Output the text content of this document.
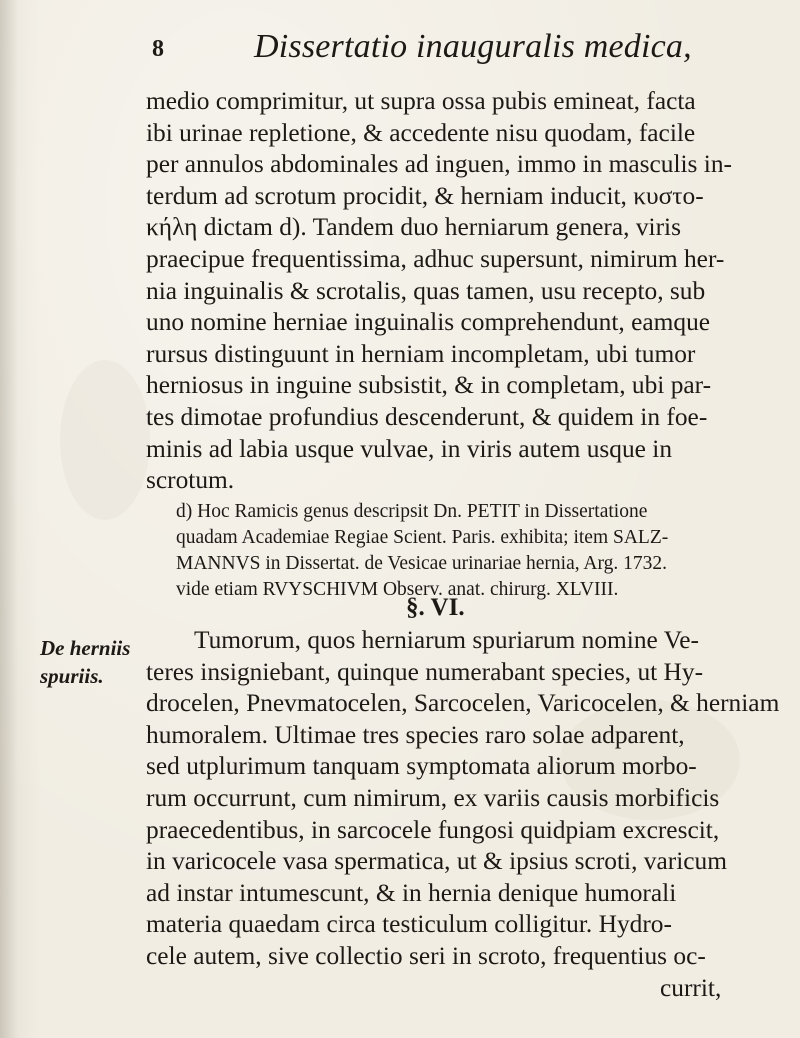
8	Dissertatio inauguralis medica,
medio comprimitur, ut supra ossa pubis emineat, facta
ibi urinae repletione, & accedente nisu quodam, facile
per annulos abdominales ad inguen, immo in masculis in-
terdum ad scrotum procidit, & herniam inducit, κυστο-
κήλη dictam d). Tandem duo herniarum genera, viris
praecipue frequentissima, adhuc supersunt, nimirum her-
nia inguinalis & scrotalis, quas tamen, usu recepto, sub
uno nomine herniae inguinalis comprehendunt, eamque
rursus distinguunt in herniam incompletam, ubi tumor
herniosus in inguine subsistit, & in completam, ubi par-
tes dimotae profundius descenderunt, & quidem in foe-
minis ad labia usque vulvae, in viris autem usque in
scrotum.
d) Hoc Ramicis genus descripsit Dn. PETIT in Dissertatione
quadam Academiae Regiae Scient. Paris. exhibita; item SALZ-
MANNVS in Dissertat. de Vesicae urinariae hernia, Arg. 1732.
vide etiam RVYSCHIVM Observ. anat. chirurg. XLVIII.
§. VI.
De herniis
spuriis.
Tumorum, quos herniarum spuriarum nomine Ve-
teres insigniebant, quinque numerabant species, ut Hy-
drocelen, Pnevmatocelen, Sarcocelen, Varicocelen, & herniam
humoralem. Ultimae tres species raro solae adparent,
sed utplurimum tanquam symptomata aliorum morbo-
rum occurrunt, cum nimirum, ex variis causis morbificis
praecedentibus, in sarcocele fungosi quidpiam excrescit,
in varicocele vasa spermatica, ut & ipsius scroti, varicum
ad instar intumescunt, & in hernia denique humorali
materia quaedam circa testiculum colligitur. Hydro-
cele autem, sive collectio seri in scroto, frequentius oc-
currit,
